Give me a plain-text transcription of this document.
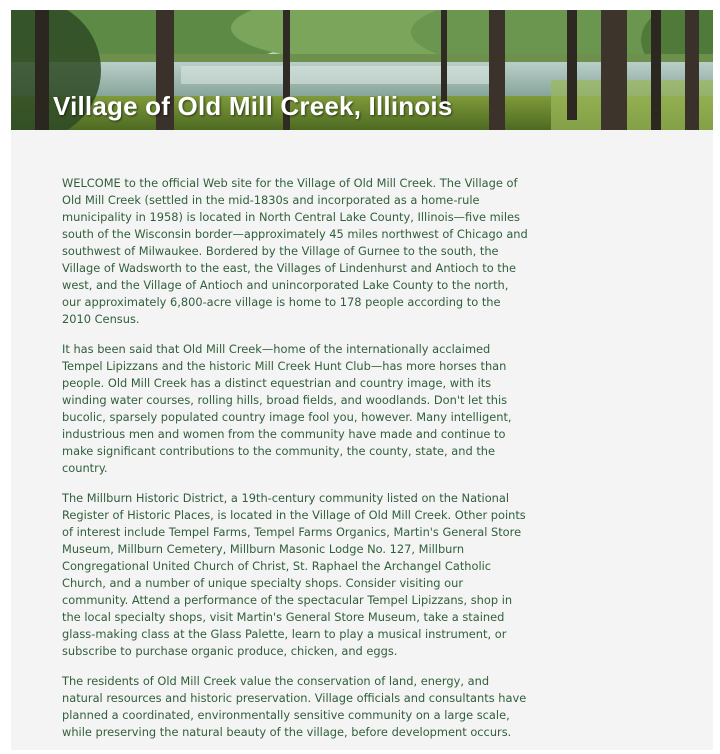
Village of Old Mill Creek, Illinois

WELCOME to the official Web site for the Village of Old Mill Creek. The Village of Old Mill Creek (settled in the mid-1830s and incorporated as a home-rule municipality in 1958) is located in North Central Lake County, Illinois—five miles south of the Wisconsin border—approximately 45 miles northwest of Chicago and southwest of Milwaukee. Bordered by the Village of Gurnee to the south, the Village of Wadsworth to the east, the Villages of Lindenhurst and Antioch to the west, and the Village of Antioch and unincorporated Lake County to the north, our approximately 6,800-acre village is home to 178 people according to the 2010 Census.

It has been said that Old Mill Creek—home of the internationally acclaimed Tempel Lipizzans and the historic Mill Creek Hunt Club—has more horses than people. Old Mill Creek has a distinct equestrian and country image, with its winding water courses, rolling hills, broad fields, and woodlands. Don't let this bucolic, sparsely populated country image fool you, however. Many intelligent, industrious men and women from the community have made and continue to make significant contributions to the community, the county, state, and the country.

The Millburn Historic District, a 19th-century community listed on the National Register of Historic Places, is located in the Village of Old Mill Creek. Other points of interest include Tempel Farms, Tempel Farms Organics, Martin's General Store Museum, Millburn Cemetery, Millburn Masonic Lodge No. 127, Millburn Congregational United Church of Christ, St. Raphael the Archangel Catholic Church, and a number of unique specialty shops. Consider visiting our community. Attend a performance of the spectacular Tempel Lipizzans, shop in the local specialty shops, visit Martin's General Store Museum, take a stained glass-making class at the Glass Palette, learn to play a musical instrument, or subscribe to purchase organic produce, chicken, and eggs.

The residents of Old Mill Creek value the conservation of land, energy, and natural resources and historic preservation. Village officials and consultants have planned a coordinated, environmentally sensitive community on a large scale, while preserving the natural beauty of the village, before development occurs.
